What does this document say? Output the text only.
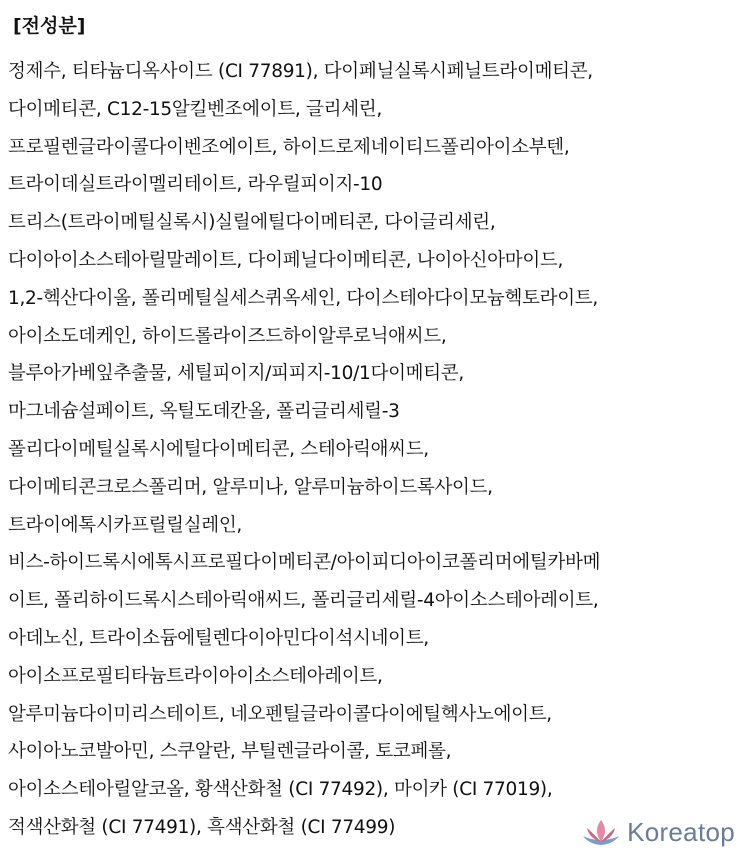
[전성분]
정제수, 티타늄디옥사이드 (CI 77891), 다이페닐실록시페닐트라이메티콘,
다이메티콘, C12-15알킬벤조에이트, 글리세린,
프로필렌글라이콜다이벤조에이트, 하이드로제네이티드폴리아이소부텐,
트라이데실트라이멜리테이트, 라우릴피이지-10
트리스(트라이메틸실록시)실릴에틸다이메티콘, 다이글리세린,
다이아이소스테아릴말레이트, 다이페닐다이메티콘, 나이아신아마이드,
1,2-헥산다이올, 폴리메틸실세스퀴옥세인, 다이스테아다이모늄헥토라이트,
아이소도데케인, 하이드롤라이즈드하이알루로닉애씨드,
블루아가베잎추출물, 세틸피이지/피피지-10/1다이메티콘,
마그네슘설페이트, 옥틸도데칸올, 폴리글리세릴-3
폴리다이메틸실록시에틸다이메티콘, 스테아릭애씨드,
다이메티콘크로스폴리머, 알루미나, 알루미늄하이드록사이드,
트라이에톡시카프릴릴실레인,
비스-하이드록시에톡시프로필다이메티콘/아이피디아이코폴리머에틸카바메
이트, 폴리하이드록시스테아릭애씨드, 폴리글리세릴-4아이소스테아레이트,
아데노신, 트라이소듐에틸렌다이아민다이석시네이트,
아이소프로필티타늄트라이아이소스테아레이트,
알루미늄다이미리스테이트, 네오펜틸글라이콜다이에틸헥사노에이트,
사이아노코발아민, 스쿠알란, 부틸렌글라이콜, 토코페롤,
아이소스테아릴알코올, 황색산화철 (CI 77492), 마이카 (CI 77019),
적색산화철 (CI 77491), 흑색산화철 (CI 77499)	Koreatop
